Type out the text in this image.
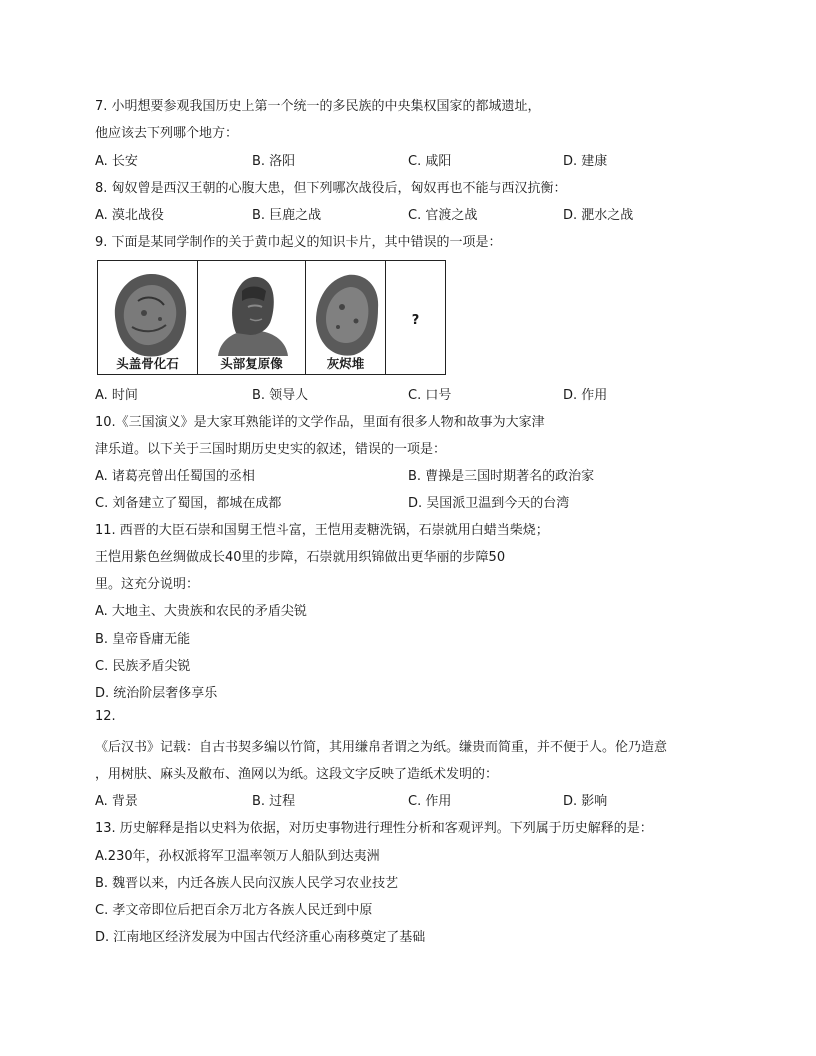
7. 小明想要参观我国历史上第一个统一的多民族的中央集权国家的都城遗址，
他应该去下列哪个地方：
A. 长安	B. 洛阳	C. 咸阳	D. 建康
8. 匈奴曾是西汉王朝的心腹大患，但下列哪次战役后，匈奴再也不能与西汉抗衡：
A. 漠北战役	B. 巨鹿之战	C. 官渡之战	D. 淝水之战
9. 下面是某同学制作的关于黄巾起义的知识卡片，其中错误的一项是：
头盖骨化石	头部复原像	灰烬堆
?
A. 时间	B. 领导人	C. 口号	D. 作用
10.《三国演义》是大家耳熟能详的文学作品，里面有很多人物和故事为大家津
津乐道。以下关于三国时期历史史实的叙述，错误的一项是：
A. 诸葛亮曾出任蜀国的丞相	B. 曹操是三国时期著名的政治家
C. 刘备建立了蜀国，都城在成都	D. 吴国派卫温到今天的台湾
11. 西晋的大臣石崇和国舅王恺斗富，王恺用麦糖洗锅，石崇就用白蜡当柴烧；
王恺用紫色丝绸做成长40里的步障，石崇就用织锦做出更华丽的步障50
里。这充分说明：
A. 大地主、大贵族和农民的矛盾尖锐
B. 皇帝昏庸无能
C. 民族矛盾尖锐
D. 统治阶层奢侈享乐
12.
《后汉书》记载：自古书契多编以竹简，其用缣帛者谓之为纸。缣贵而简重，并不便于人。伦乃造意
，用树肤、麻头及敝布、渔网以为纸。这段文字反映了造纸术发明的：
A. 背景	B. 过程	C. 作用	D. 影响
13. 历史解释是指以史料为依据，对历史事物进行理性分析和客观评判。下列属于历史解释的是：
A.230年，孙权派将军卫温率领万人船队到达夷洲
B. 魏晋以来，内迁各族人民向汉族人民学习农业技艺
C. 孝文帝即位后把百余万北方各族人民迁到中原
D. 江南地区经济发展为中国古代经济重心南移奠定了基础
